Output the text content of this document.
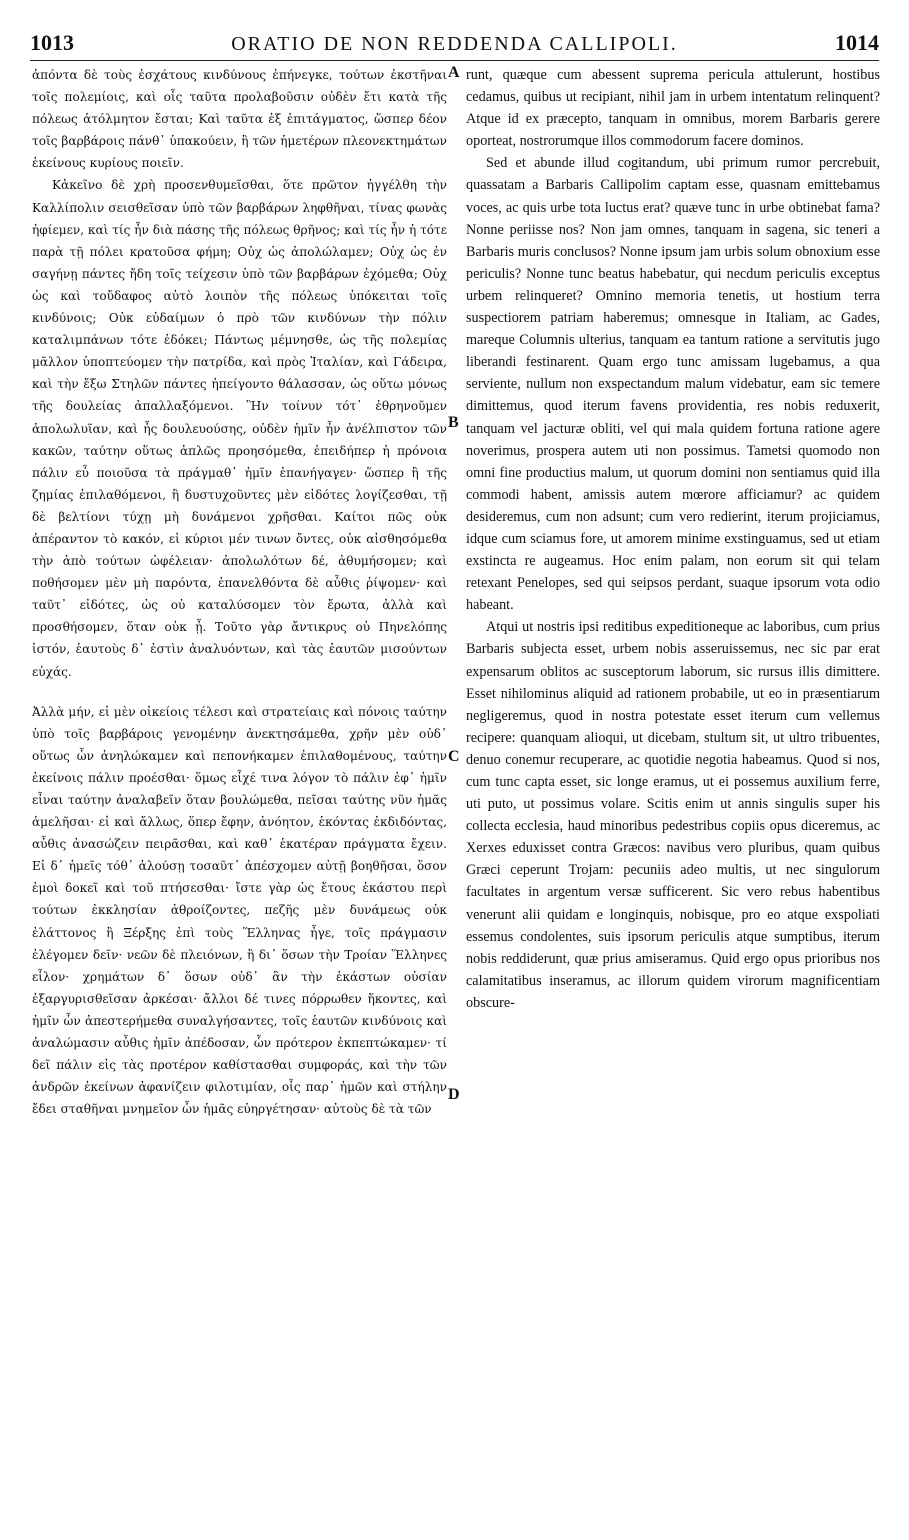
1013	ORATIO DE NON REDDENDA CALLIPOLI.	1014

ἀπόντα δὲ τοὺς ἐσχάτους κινδύνους ἐπήνεγκε, τούτων ἐκστῆναι τοῖς πολεμίοις, καὶ οἷς ταῦτα προλαβοῦσιν οὐδὲν ἔτι κατὰ τῆς πόλεως ἀτόλμητον ἔσται; Καὶ ταῦτα ἐξ ἐπιτάγματος, ὥσπερ δέον τοῖς βαρβάροις πάνθ᾿ ὑπακούειν, ἢ τῶν ἡμετέρων πλεονεκτημάτων ἐκείνους κυρίους ποιεῖν.

Κἀκεῖνο δὲ χρὴ προσενθυμεῖσθαι, ὅτε πρῶτον ἠγγέλθη τὴν Καλλίπολιν σεισθεῖσαν ὑπὸ τῶν βαρβάρων ληφθῆναι, τίνας φωνὰς ἠφίεμεν, καὶ τίς ἦν διὰ πάσης τῆς πόλεως θρῆνος; καὶ τίς ἦν ἡ τότε παρὰ τῇ πόλει κρατοῦσα φήμη; Οὐχ ὡς ἀπολώλαμεν; Οὐχ ὡς ἐν σαγήνῃ πάντες ἤδη τοῖς τείχεσιν ὑπὸ τῶν βαρβάρων ἐχόμεθα; Οὐχ ὡς καὶ τοὔδαφος αὐτὸ λοιπὸν τῆς πόλεως ὑπόκειται τοῖς κινδύνοις; Οὐκ εὐδαίμων ὁ πρὸ τῶν κινδύνων τὴν πόλιν καταλιμπάνων τότε ἐδόκει; Πάντως μέμνησθε, ὡς τῆς πολεμίας μᾶλλον ὑποπτεύομεν τὴν πατρίδα, καὶ πρὸς Ἰταλίαν, καὶ Γάδειρα, καὶ τὴν ἔξω Στηλῶν πάντες ἠπείγοντο θάλασσαν, ὡς οὕτω μόνως τῆς δουλείας ἀπαλλαξόμενοι. Ἣν τοίνυν τότ᾿ ἐθρηνοῦμεν ἀπολωλυῖαν, καὶ ἧς δουλευούσης, οὐδὲν ἡμῖν ἦν ἀνέλπιστον τῶν κακῶν, ταύτην οὕτως ἁπλῶς προησόμεθα, ἐπειδήπερ ἡ πρόνοια πάλιν εὖ ποιοῦσα τὰ πράγμαθ᾿ ἡμῖν ἐπανήγαγεν· ὥσπερ ἢ τῆς ζημίας ἐπιλαθόμενοι, ἢ δυστυχοῦντες μὲν εἰδότες λογίζεσθαι, τῇ δὲ βελτίονι τύχῃ μὴ δυνάμενοι χρῆσθαι. Καίτοι πῶς οὐκ ἀπέραντον τὸ κακόν, εἰ κύριοι μέν τινων ὄντες, οὐκ αἰσθησόμεθα τὴν ἀπὸ τούτων ὠφέλειαν· ἀπολωλότων δέ, ἀθυμήσομεν; καὶ ποθήσομεν μὲν μὴ παρόντα, ἐπανελθόντα δὲ αὖθις ῥίψομεν· καὶ ταῦτ᾿ εἰδότες, ὡς οὐ καταλύσομεν τὸν ἔρωτα, ἀλλὰ καὶ προσθήσομεν, ὅταν οὐκ ᾖ. Τοῦτο γὰρ ἄντικρυς οὐ Πηνελόπης ἱστόν, ἑαυτοὺς δ᾿ ἐστὶν ἀναλυόντων, καὶ τὰς ἑαυτῶν μισούντων εὐχάς.

Ἀλλὰ μήν, εἰ μὲν οἰκείοις τέλεσι καὶ στρατείαις καὶ πόνοις ταύτην ὑπὸ τοῖς βαρβάροις γενομένην ἀνεκτησάμεθα, χρῆν μὲν οὐδ᾿ οὕτως ὧν ἀνηλώκαμεν καὶ πεπονήκαμεν ἐπιλαθομένους, ταύτην ἐκείνοις πάλιν προέσθαι· ὅμως εἶχέ τινα λόγον τὸ πάλιν ἐφ᾿ ἡμῖν εἶναι ταύτην ἀναλαβεῖν ὅταν βουλώμεθα, πεῖσαι ταύτης νῦν ἡμᾶς ἀμελῆσαι· εἰ καὶ ἄλλως, ὅπερ ἔφην, ἀνόητον, ἑκόντας ἐκδιδόντας, αὖθις ἀνασώζειν πειρᾶσθαι, καὶ καθ᾿ ἑκατέραν πράγματα ἔχειν. Εἰ δ᾿ ἡμεῖς τόθ᾿ ἀλούσῃ τοσαῦτ᾿ ἀπέσχομεν αὐτῇ βοηθῆσαι, ὅσον ἐμοὶ δοκεῖ καὶ τοῦ πτήσεσθαι· ἴστε γὰρ ὡς ἔτους ἑκάστου περὶ τούτων ἐκκλησίαν ἀθροίζοντες, πεζῆς μὲν δυνάμεως οὐκ ἐλάττονος ἢ Ξέρξης ἐπὶ τοὺς Ἕλληνας ἦγε, τοῖς πράγμασιν ἐλέγομεν δεῖν· νεῶν δὲ πλειόνων, ἢ δι᾿ ὅσων τὴν Τροίαν Ἕλληνες εἷλον· χρημάτων δ᾿ ὅσων οὐδ᾿ ἂν τὴν ἑκάστων οὐσίαν ἐξαργυρισθεῖσαν ἀρκέσαι· ἄλλοι δέ τινες πόρρωθεν ἥκοντες, καὶ ἡμῖν ὧν ἀπεστερήμεθα συναλγήσαντες, τοῖς ἑαυτῶν κινδύνοις καὶ ἀναλώμασιν αὖθις ἡμῖν ἀπέδοσαν, ὧν πρότερον ἐκπεπτώκαμεν· τί δεῖ πάλιν εἰς τὰς προτέρον καθίστασθαι συμφοράς, καὶ τὴν τῶν ἀνδρῶν ἐκείνων ἀφανίζειν φιλοτιμίαν, οἷς παρ᾿ ἡμῶν καὶ στήλην ἔδει σταθῆναι μνημεῖον ὧν ἡμᾶς εὐηργέτησαν· αὐτοὺς δὲ τὰ τῶν

A
B
C
D

runt, quæque cum abessent suprema pericula attulerunt, hostibus cedamus, quibus ut recipiant, nihil jam in urbem intentatum relinquent? Atque id ex præcepto, tanquam in omnibus, morem Barbaris gerere oporteat, nostrorumque illos commodorum facere dominos.

Sed et abunde illud cogitandum, ubi primum rumor percrebuit, quassatam a Barbaris Callipolim captam esse, quasnam emittebamus voces, ac quis urbe tota luctus erat? quæve tunc in urbe obtinebat fama? Nonne periisse nos? Non jam omnes, tanquam in sagena, sic teneri a Barbaris muris conclusos? Nonne ipsum jam urbis solum obnoxium esse periculis? Nonne tunc beatus habebatur, qui necdum periculis exceptus urbem relinqueret? Omnino memoria tenetis, ut hostium terra suspectiorem patriam haberemus; omnesque in Italiam, ac Gades, mareque Columnis ulterius, tanquam ea tantum ratione a servitutis jugo liberandi festinarent. Quam ergo tunc amissam lugebamus, a qua serviente, nullum non exspectandum malum videbatur, eam sic temere dimittemus, quod iterum favens providentia, res nobis reduxerit, tanquam vel jacturæ obliti, vel qui mala quidem fortuna ratione agere noverimus, prospera autem uti non possimus. Tametsi quomodo non omni fine productius malum, ut quorum domini non sentiamus quid illa commodi habent, amissis autem mœrore afficiamur? ac quidem desideremus, cum non adsunt; cum vero redierint, iterum projiciamus, idque cum sciamus fore, ut amorem minime exstinguamus, sed ut etiam exstincta re augeamus. Hoc enim palam, non eorum sit qui telam retexant Penelopes, sed qui seipsos perdant, suaque ipsorum vota odio habeant.

Atqui ut nostris ipsi reditibus expeditioneque ac laboribus, cum prius Barbaris subjecta esset, urbem nobis asseruissemus, nec sic par erat expensarum oblitos ac susceptorum laborum, sic rursus illis dimittere. Esset nihilominus aliquid ad rationem probabile, ut eo in præsentiarum negligeremus, quod in nostra potestate esset iterum cum vellemus recipere: quanquam alioqui, ut dicebam, stultum sit, ut ultro tribuentes, denuo conemur recuperare, ac quotidie negotia habeamus. Quod si nos, cum tunc capta esset, sic longe eramus, ut ei possemus auxilium ferre, uti puto, ut possimus volare. Scitis enim ut annis singulis super his collecta ecclesia, haud minoribus pedestribus copiis opus diceremus, ac Xerxes eduxisset contra Græcos: navibus vero pluribus, quam quibus Græci ceperunt Trojam: pecuniis adeo multis, ut nec singulorum facultates in argentum versæ sufficerent. Sic vero rebus habentibus venerunt alii quidam e longinquis, nobisque, pro eo atque exspoliati essemus condolentes, suis ipsorum periculis atque sumptibus, iterum nobis reddiderunt, quæ prius amiseramus. Quid ergo opus prioribus nos calamitatibus inseramus, ac illorum quidem virorum magnificentiam obscure-
